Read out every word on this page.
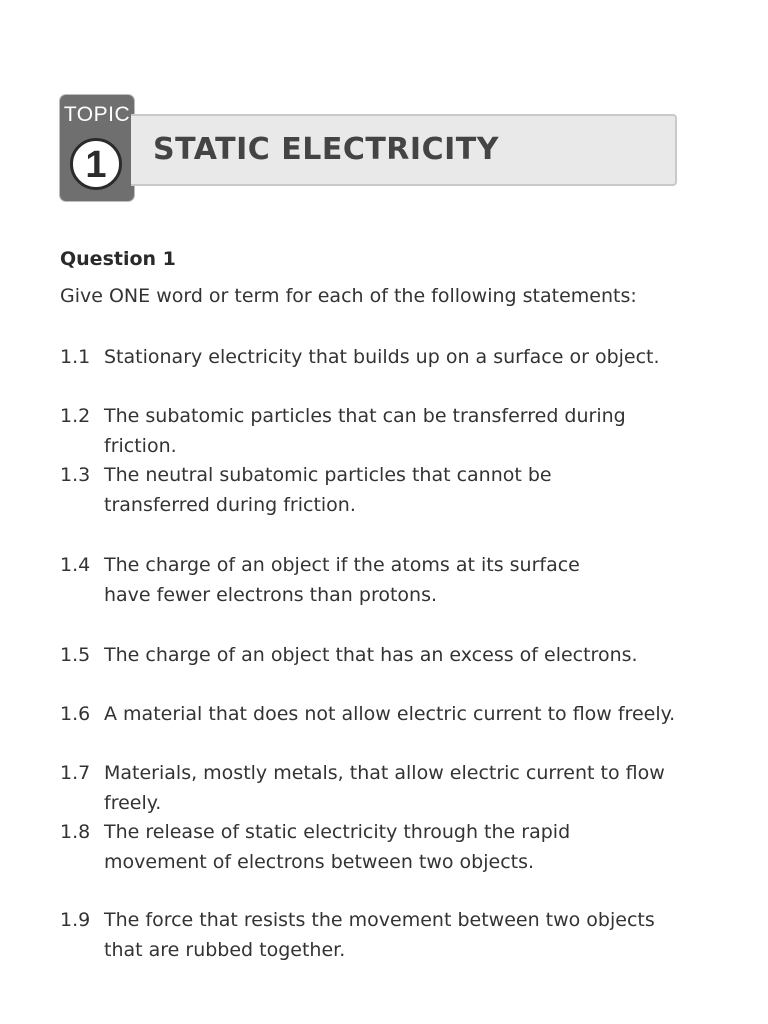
TOPIC
1	STATIC ELECTRICITY
Question 1
Give ONE word or term for each of the following statements:
1.1 Stationary electricity that builds up on a surface or object.
1.2 The subatomic particles that can be transferred during friction.
1.3 The neutral subatomic particles that cannot be transferred during friction.
1.4 The charge of an object if the atoms at its surface have fewer electrons than protons.
1.5 The charge of an object that has an excess of electrons.
1.6 A material that does not allow electric current to flow freely.
1.7 Materials, mostly metals, that allow electric current to flow freely.
1.8 The release of static electricity through the rapid movement of electrons between two objects.
1.9 The force that resists the movement between two objects that are rubbed together.
